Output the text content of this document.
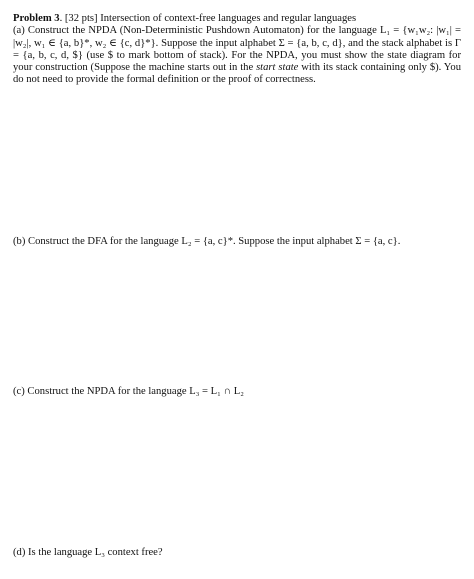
Problem 3. [32 pts] Intersection of context-free languages and regular languages
(a) Construct the NPDA (Non-Deterministic Pushdown Automaton) for the language L₁ = {w₁w₂: |w₁| = |w₂|, w₁ ∈ {a, b}*, w₂ ∈ {c, d}*}. Suppose the input alphabet Σ = {a, b, c, d}, and the stack alphabet is Γ = {a, b, c, d, $} (use $ to mark bottom of stack). For the NPDA, you must show the state diagram for your construction (Suppose the machine starts out in the start state with its stack containing only $). You do not need to provide the formal definition or the proof of correctness.
(b) Construct the DFA for the language L₂ = {a, c}*. Suppose the input alphabet Σ = {a, c}.
(c) Construct the NPDA for the language L₃ = L₁ ∩ L₂
(d) Is the language L₃ context free?
